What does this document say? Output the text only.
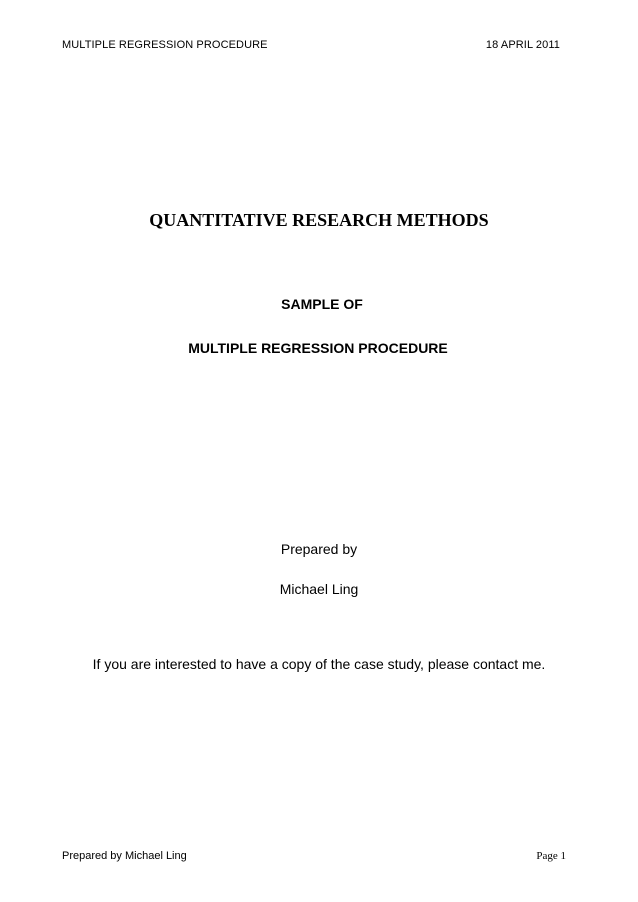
MULTIPLE REGRESSION PROCEDURE	18 APRIL 2011
QUANTITATIVE RESEARCH METHODS
SAMPLE OF
MULTIPLE REGRESSION PROCEDURE
Prepared by
Michael Ling
If you are interested to have a copy of the case study, please contact me.
Prepared by Michael Ling	Page 1
